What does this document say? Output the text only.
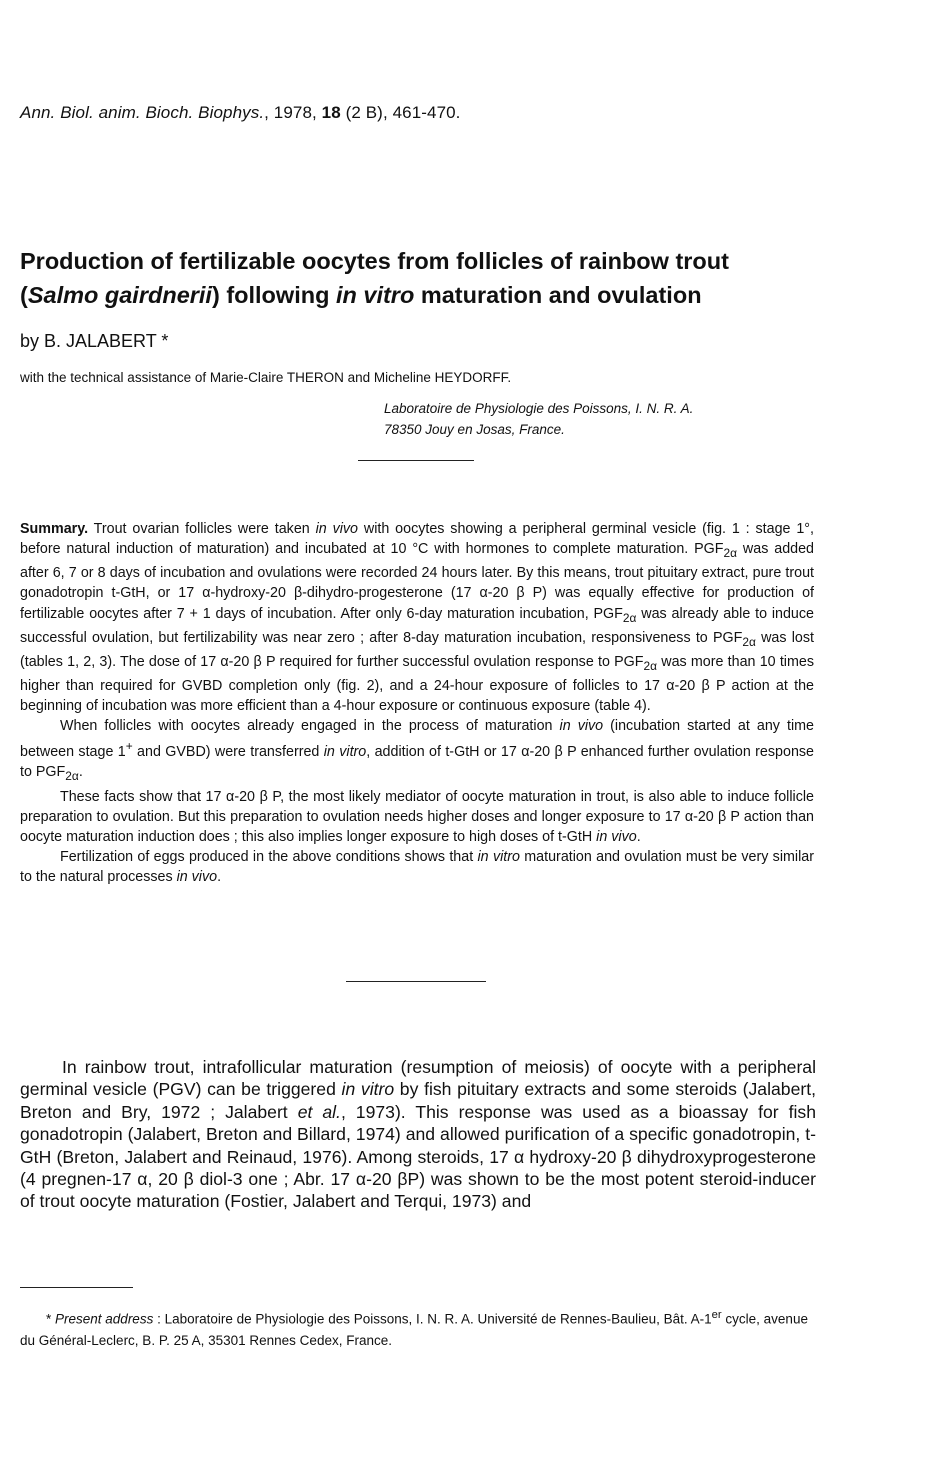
Ann. Biol. anim. Bioch. Biophys., 1978, 18 (2 B), 461-470.
Production of fertilizable oocytes from follicles of rainbow trout
(Salmo gairdnerii) following in vitro maturation and ovulation
by B. JALABERT *
with the technical assistance of Marie-Claire THERON and Micheline HEYDORFF.
Laboratoire de Physiologie des Poissons, I. N. R. A.
78350 Jouy en Josas, France.

Summary. Trout ovarian follicles were taken in vivo with oocytes showing a peripheral germinal vesicle (fig. 1 : stage 1°, before natural induction of maturation) and incubated at 10 °C with hormones to complete maturation. $PGF_{2\alpha}$ was added after 6, 7 or 8 days of incubation and ovulations were recorded 24 hours later. By this means, trout pituitary extract, pure trout gonadotropin t-GtH, or 17 α-hydroxy-20 β-dihydro-progesterone (17 α-20 β P) was equally effective for production of fertilizable oocytes after 7 + 1 days of incubation. After only 6-day maturation incubation, $PGF_{2\alpha}$ was already able to induce successful ovulation, but fertilizability was near zero ; after 8-day maturation incubation, responsiveness to $PGF_{2\alpha}$ was lost (tables 1, 2, 3). The dose of 17 α-20 β P required for further successful ovulation response to $PGF_{2\alpha}$ was more than 10 times higher than required for GVBD completion only (fig. 2), and a 24-hour exposure of follicles to 17 α-20 β P action at the beginning of incubation was more efficient than a 4-hour exposure or continuous exposure (table 4).

When follicles with oocytes already engaged in the process of maturation in vivo (incubation started at any time between stage 1+ and GVBD) were transferred in vitro, addition of t-GtH or 17 α-20 β P enhanced further ovulation response to $PGF_{2\alpha}$.

These facts show that 17 α-20 β P, the most likely mediator of oocyte maturation in trout, is also able to induce follicle preparation to ovulation. But this preparation to ovulation needs higher doses and longer exposure to 17 α-20 β P action than oocyte maturation induction does ; this also implies longer exposure to high doses of t-GtH in vivo.

Fertilization of eggs produced in the above conditions shows that in vitro maturation and ovulation must be very similar to the natural processes in vivo.

In rainbow trout, intrafollicular maturation (resumption of meiosis) of oocyte with a peripheral germinal vesicle (PGV) can be triggered in vitro by fish pituitary extracts and some steroids (Jalabert, Breton and Bry, 1972 ; Jalabert et al., 1973). This response was used as a bioassay for fish gonadotropin (Jalabert, Breton and Billard, 1974) and allowed purification of a specific gonadotropin, t-GtH (Breton, Jalabert and Reinaud, 1976). Among steroids, 17 α hydroxy-20 β dihydroxyprogesterone (4 pregnen-17 α, 20 β diol-3 one ; Abr. 17 α-20 βP) was shown to be the most potent steroid-inducer of trout oocyte maturation (Fostier, Jalabert and Terqui, 1973) and

* Present address : Laboratoire de Physiologie des Poissons, I. N. R. A. Université de Rennes-Baulieu, Bât. A-1er cycle, avenue du Général-Leclerc, B. P. 25 A, 35301 Rennes Cedex, France.
